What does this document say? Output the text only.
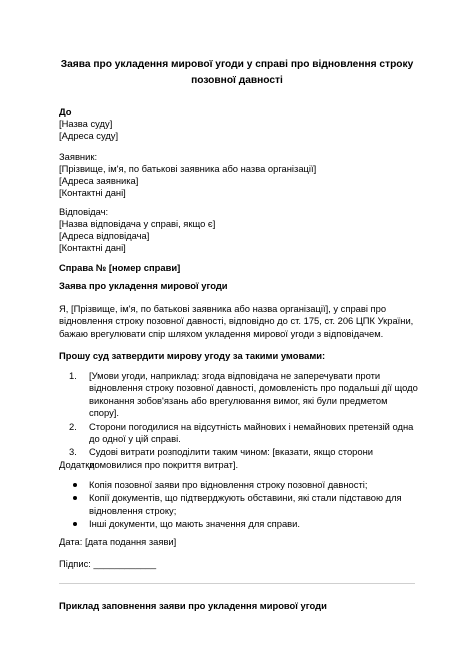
Заява про укладення мирової угоди у справі про відновлення строку позовної давності
До
[Назва суду]
[Адреса суду]
Заявник:
[Прізвище, ім'я, по батькові заявника або назва організації]
[Адреса заявника]
[Контактні дані]
Відповідач:
[Назва відповідача у справі, якщо є]
[Адреса відповідача]
[Контактні дані]
Справа № [номер справи]
Заява про укладення мирової угоди
Я, [Прізвище, ім'я, по батькові заявника або назва організації], у справі про відновлення строку позовної давності, відповідно до ст. 175, ст. 206 ЦПК України, бажаю врегулювати спір шляхом укладення мирової угоди з відповідачем.
Прошу суд затвердити мирову угоду за такими умовами:
1. [Умови угоди, наприклад: згода відповідача не заперечувати проти відновлення строку позовної давності, домовленість про подальші дії щодо виконання зобов'язань або врегулювання вимог, які були предметом спору].
2. Сторони погодилися на відсутність майнових і немайнових претензій одна до одної у цій справі.
3. Судові витрати розподілити таким чином: [вказати, якщо сторони домовилися про покриття витрат].
Додатки:
Копія позовної заяви про відновлення строку позовної давності;
Копії документів, що підтверджують обставини, які стали підставою для відновлення строку;
Інші документи, що мають значення для справи.
Дата: [дата подання заяви]
Підпис: ____________
Приклад заповнення заяви про укладення мирової угоди
